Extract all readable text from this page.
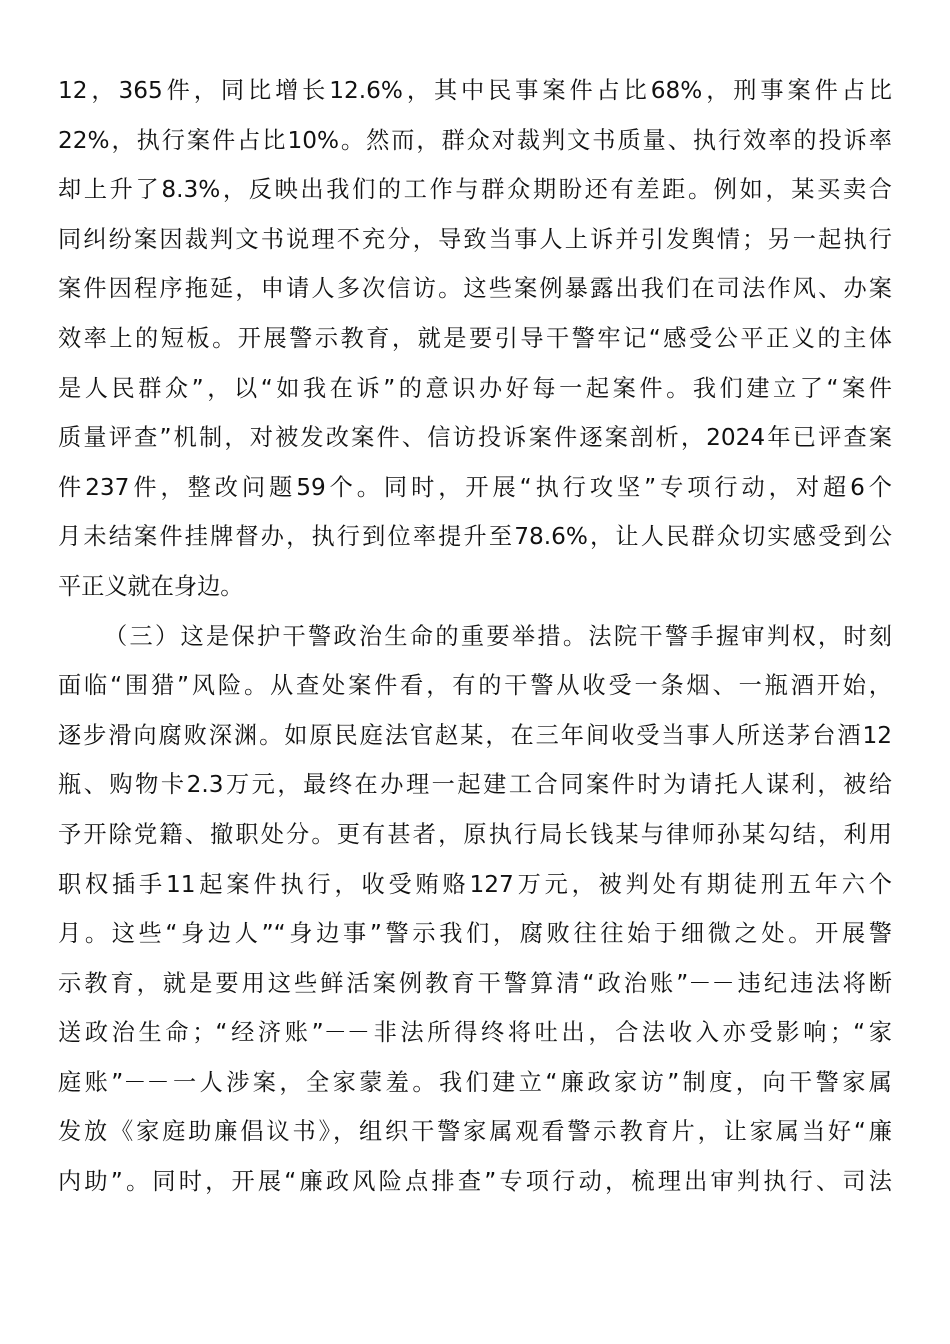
12，365件，同比增长12.6%，其中民事案件占比68%，刑事案件占比
22%，执行案件占比10%。然而，群众对裁判文书质量、执行效率的投诉率
却上升了8.3%，反映出我们的工作与群众期盼还有差距。例如，某买卖合
同纠纷案因裁判文书说理不充分，导致当事人上诉并引发舆情；另一起执行
案件因程序拖延，申请人多次信访。这些案例暴露出我们在司法作风、办案
效率上的短板。开展警示教育，就是要引导干警牢记“感受公平正义的主体
是人民群众”，以“如我在诉”的意识办好每一起案件。我们建立了“案件
质量评查”机制，对被发改案件、信访投诉案件逐案剖析，2024年已评查案
件237件，整改问题59个。同时，开展“执行攻坚”专项行动，对超6个
月未结案件挂牌督办，执行到位率提升至78.6%，让人民群众切实感受到公
平正义就在身边。

（三）这是保护干警政治生命的重要举措。法院干警手握审判权，时刻
面临“围猎”风险。从查处案件看，有的干警从收受一条烟、一瓶酒开始，
逐步滑向腐败深渊。如原民庭法官赵某，在三年间收受当事人所送茅台酒12
瓶、购物卡2.3万元，最终在办理一起建工合同案件时为请托人谋利，被给
予开除党籍、撤职处分。更有甚者，原执行局长钱某与律师孙某勾结，利用
职权插手11起案件执行，收受贿赂127万元，被判处有期徒刑五年六个
月。这些“身边人”“身边事”警示我们，腐败往往始于细微之处。开展警
示教育，就是要用这些鲜活案例教育干警算清“政治账”－－违纪违法将断
送政治生命；“经济账”－－非法所得终将吐出，合法收入亦受影响；“家
庭账”－－一人涉案，全家蒙羞。我们建立“廉政家访”制度，向干警家属
发放《家庭助廉倡议书》，组织干警家属观看警示教育片，让家属当好“廉
内助”。同时，开展“廉政风险点排查”专项行动，梳理出审判执行、司法
